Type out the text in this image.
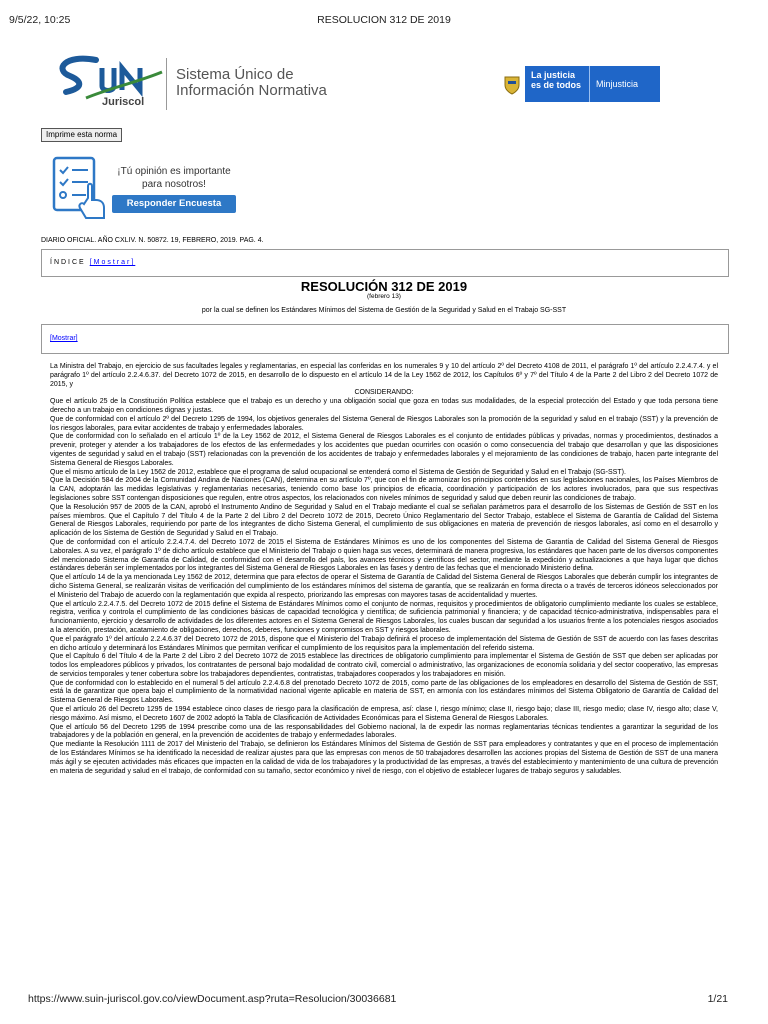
9/5/22, 10:25	RESOLUCION 312 DE 2019
Juriscol
Sistema Único de
Información Normativa
La justicia
es de todos	Minjusticia
Imprime esta norma
¡Tú opinión es importante
para nosotros!
Responder Encuesta
DIARIO OFICIAL. AÑO CXLIV. N. 50872. 19, FEBRERO, 2019. PAG. 4.
ÍNDICE [Mostrar]
RESOLUCIÓN 312 DE 2019
(febrero 13)
por la cual se definen los Estándares Mínimos del Sistema de Gestión de la Seguridad y Salud en el Trabajo SG-SST
[Mostrar]

La Ministra del Trabajo, en ejercicio de sus facultades legales y reglamentarias, en especial las conferidas en los numerales 9 y 10 del artículo 2º del Decreto 4108 de 2011, el parágrafo 1º del artículo 2.2.4.7.4. y el parágrafo 1º del artículo 2.2.4.6.37. del Decreto 1072 de 2015, en desarrollo de lo dispuesto en el artículo 14 de la Ley 1562 de 2012, los Capítulos 6º y 7º del Título 4 de la Parte 2 del Libro 2 del Decreto 1072 de 2015, y

CONSIDERANDO:

Que el artículo 25 de la Constitución Política establece que el trabajo es un derecho y una obligación social que goza en todas sus modalidades, de la especial protección del Estado y que toda persona tiene derecho a un trabajo en condiciones dignas y justas.

Que de conformidad con el artículo 2º del Decreto 1295 de 1994, los objetivos generales del Sistema General de Riesgos Laborales son la promoción de la seguridad y salud en el trabajo (SST) y la prevención de los riesgos laborales, para evitar accidentes de trabajo y enfermedades laborales.

Que de conformidad con lo señalado en el artículo 1º de la Ley 1562 de 2012, el Sistema General de Riesgos Laborales es el conjunto de entidades públicas y privadas, normas y procedimientos, destinados a prevenir, proteger y atender a los trabajadores de los efectos de las enfermedades y los accidentes que puedan ocurrirles con ocasión o como consecuencia del trabajo que desarrollan y que las disposiciones vigentes de seguridad y salud en el trabajo (SST) relacionadas con la prevención de los accidentes de trabajo y enfermedades laborales y el mejoramiento de las condiciones de trabajo, hacen parte integrante del Sistema General de Riesgos Laborales.

Que el mismo artículo de la Ley 1562 de 2012, establece que el programa de salud ocupacional se entenderá como el Sistema de Gestión de Seguridad y Salud en el Trabajo (SG-SST).

Que la Decisión 584 de 2004 de la Comunidad Andina de Naciones (CAN), determina en su artículo 7º, que con el fin de armonizar los principios contenidos en sus legislaciones nacionales, los Países Miembros de la CAN, adoptarán las medidas legislativas y reglamentarias necesarias, teniendo como base los principios de eficacia, coordinación y participación de los actores involucrados, para que sus respectivas legislaciones sobre SST contengan disposiciones que regulen, entre otros aspectos, los relacionados con niveles mínimos de seguridad y salud que deben reunir las condiciones de trabajo.

Que la Resolución 957 de 2005 de la CAN, aprobó el Instrumento Andino de Seguridad y Salud en el Trabajo mediante el cual se señalan parámetros para el desarrollo de los Sistemas de Gestión de SST en los países miembros. Que el Capítulo 7 del Título 4 de la Parte 2 del Libro 2 del Decreto 1072 de 2015, Decreto Único Reglamentario del Sector Trabajo, establece el Sistema de Garantía de Calidad del Sistema General de Riesgos Laborales, requiriendo por parte de los integrantes de dicho Sistema General, el cumplimiento de sus obligaciones en materia de prevención de riesgos laborales, así como en el desarrollo y aplicación de los Sistema de Gestión de Seguridad y Salud en el Trabajo.

Que de conformidad con el artículo 2.2.4.7.4. del Decreto 1072 de 2015 el Sistema de Estándares Mínimos es uno de los componentes del Sistema de Garantía de Calidad del Sistema General de Riesgos Laborales. A su vez, el parágrafo 1º de dicho artículo establece que el Ministerio del Trabajo o quien haga sus veces, determinará de manera progresiva, los estándares que hacen parte de los diversos componentes del mencionado Sistema de Garantía de Calidad, de conformidad con el desarrollo del país, los avances técnicos y científicos del sector, mediante la expedición y actualizaciones a que haya lugar que dichos estándares deberán ser implementados por los integrantes del Sistema General de Riesgos Laborales en las fases y dentro de las fechas que el mencionado Ministerio defina.

Que el artículo 14 de la ya mencionada Ley 1562 de 2012, determina que para efectos de operar el Sistema de Garantía de Calidad del Sistema General de Riesgos Laborales que deberán cumplir los integrantes de dicho Sistema General, se realizarán visitas de verificación del cumplimiento de los estándares mínimos del sistema de garantía, que se realizarán en forma directa o a través de terceros idóneos seleccionados por el Ministerio del Trabajo de acuerdo con la reglamentación que expida al respecto, priorizando las empresas con mayores tasas de accidentalidad y muertes.

Que el artículo 2.2.4.7.5. del Decreto 1072 de 2015 define el Sistema de Estándares Mínimos como el conjunto de normas, requisitos y procedimientos de obligatorio cumplimiento mediante los cuales se establece, registra, verifica y controla el cumplimiento de las condiciones básicas de capacidad tecnológica y científica; de suficiencia patrimonial y financiera; y de capacidad técnico-administrativa, indispensables para el funcionamiento, ejercicio y desarrollo de actividades de los diferentes actores en el Sistema General de Riesgos Laborales, los cuales buscan dar seguridad a los usuarios frente a los potenciales riesgos asociados a la atención, prestación, acatamiento de obligaciones, derechos, deberes, funciones y compromisos en SST y riesgos laborales.

Que el parágrafo 1º del artículo 2.2.4.6.37 del Decreto 1072 de 2015, dispone que el Ministerio del Trabajo definirá el proceso de implementación del Sistema de Gestión de SST de acuerdo con las fases descritas en dicho artículo y determinará los Estándares Mínimos que permitan verificar el cumplimiento de los requisitos para la implementación del referido sistema.

Que el Capítulo 6 del Título 4 de la Parte 2 del Libro 2 del Decreto 1072 de 2015 establece las directrices de obligatorio cumplimiento para implementar el Sistema de Gestión de SST que deben ser aplicadas por todos los empleadores públicos y privados, los contratantes de personal bajo modalidad de contrato civil, comercial o administrativo, las organizaciones de economía solidaria y del sector cooperativo, las empresas de servicios temporales y tener cobertura sobre los trabajadores dependientes, contratistas, trabajadores cooperados y los trabajadores en misión.

Que de conformidad con lo establecido en el numeral 5 del artículo 2.2.4.6.8 del prenotado Decreto 1072 de 2015, como parte de las obligaciones de los empleadores en desarrollo del Sistema de Gestión de SST, está la de garantizar que opera bajo el cumplimiento de la normatividad nacional vigente aplicable en materia de SST, en armonía con los estándares mínimos del Sistema Obligatorio de Garantía de Calidad del Sistema General de Riesgos Laborales.

Que el artículo 26 del Decreto 1295 de 1994 establece cinco clases de riesgo para la clasificación de empresa, así: clase I, riesgo mínimo; clase II, riesgo bajo; clase III, riesgo medio; clase IV, riesgo alto; clase V, riesgo máximo. Así mismo, el Decreto 1607 de 2002 adoptó la Tabla de Clasificación de Actividades Económicas para el Sistema General de Riesgos Laborales.

Que el artículo 56 del Decreto 1295 de 1994 prescribe como una de las responsabilidades del Gobierno nacional, la de expedir las normas reglamentarias técnicas tendientes a garantizar la seguridad de los trabajadores y de la población en general, en la prevención de accidentes de trabajo y enfermedades laborales.

Que mediante la Resolución 1111 de 2017 del Ministerio del Trabajo, se definieron los Estándares Mínimos del Sistema de Gestión de SST para empleadores y contratantes y que en el proceso de implementación de los Estándares Mínimos se ha identificado la necesidad de realizar ajustes para que las empresas con menos de 50 trabajadores desarrollen las acciones propias del Sistema de Gestión de SST de una manera más ágil y se ejecuten actividades más eficaces que impacten en la calidad de vida de los trabajadores y la productividad de las empresas, a través del establecimiento y mantenimiento de una cultura de prevención en materia de seguridad y salud en el trabajo, de conformidad con su tamaño, sector económico y nivel de riesgo, con el objetivo de establecer lugares de trabajo seguros y saludables.

https://www.suin-juriscol.gov.co/viewDocument.asp?ruta=Resolucion/30036681	1/21
